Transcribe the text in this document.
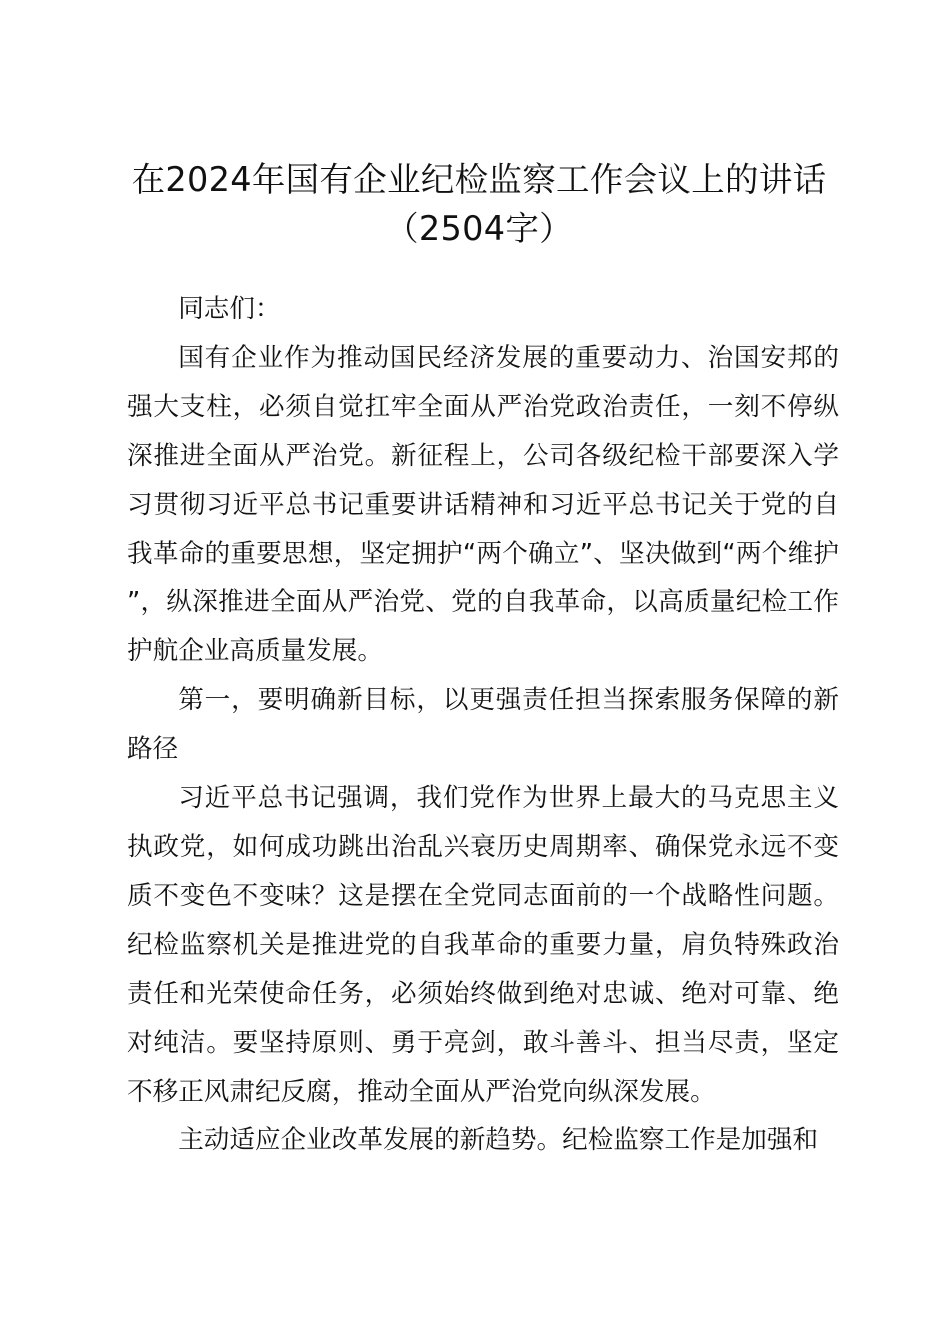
在2024年国有企业纪检监察工作会议上的讲话（2504字）

同志们：

国有企业作为推动国民经济发展的重要动力、治国安邦的强大支柱，必须自觉扛牢全面从严治党政治责任，一刻不停纵深推进全面从严治党。新征程上，公司各级纪检干部要深入学习贯彻习近平总书记重要讲话精神和习近平总书记关于党的自我革命的重要思想，坚定拥护“两个确立”、坚决做到“两个维护”，纵深推进全面从严治党、党的自我革命，以高质量纪检工作护航企业高质量发展。

第一，要明确新目标，以更强责任担当探索服务保障的新路径

习近平总书记强调，我们党作为世界上最大的马克思主义执政党，如何成功跳出治乱兴衰历史周期率、确保党永远不变质不变色不变味？这是摆在全党同志面前的一个战略性问题。纪检监察机关是推进党的自我革命的重要力量，肩负特殊政治责任和光荣使命任务，必须始终做到绝对忠诚、绝对可靠、绝对纯洁。要坚持原则、勇于亮剑，敢斗善斗、担当尽责，坚定不移正风肃纪反腐，推动全面从严治党向纵深发展。

主动适应企业改革发展的新趋势。纪检监察工作是加强和
